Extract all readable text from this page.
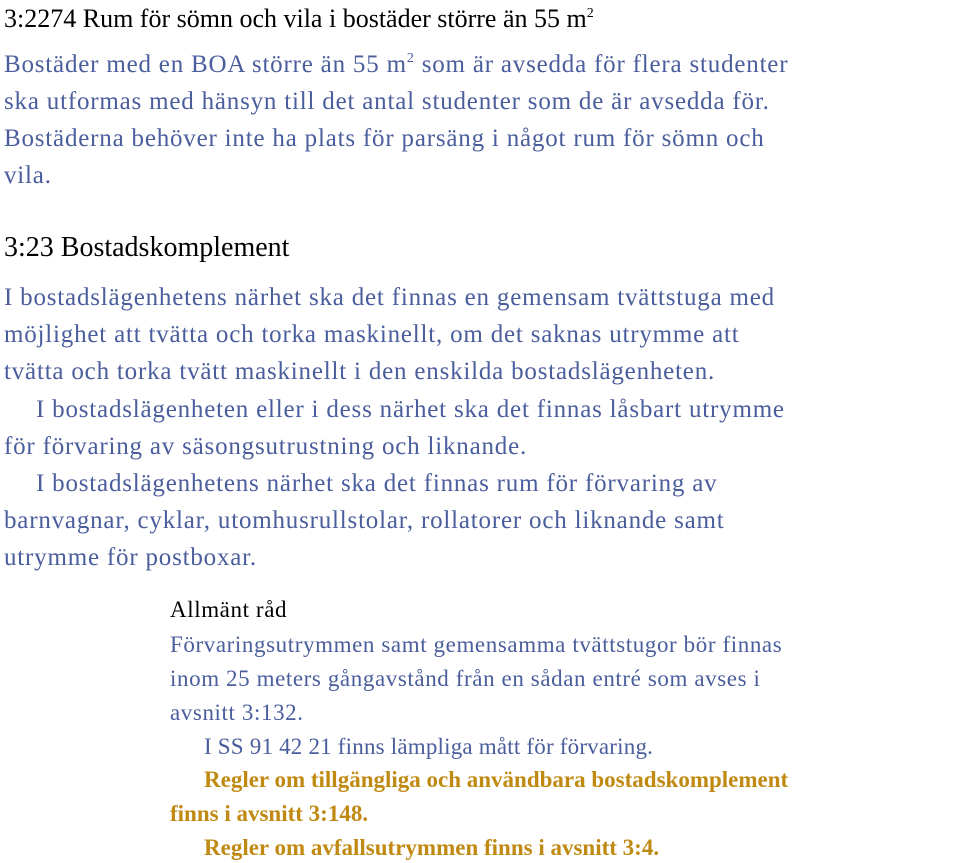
3:2274 Rum för sömn och vila i bostäder större än 55 $m^2$
Bostäder med en BOA större än 55 $m^2$ som är avsedda för flera studenter
ska utformas med hänsyn till det antal studenter som de är avsedda för.
Bostäderna behöver inte ha plats för parsäng i något rum för sömn och
vila.
3:23 Bostadskomplement
I bostadslägenhetens närhet ska det finnas en gemensam tvättstuga med
möjlighet att tvätta och torka maskinellt, om det saknas utrymme att
tvätta och torka tvätt maskinellt i den enskilda bostadslägenheten.
I bostadslägenheten eller i dess närhet ska det finnas låsbart utrymme
för förvaring av säsongsutrustning och liknande.
I bostadslägenhetens närhet ska det finnas rum för förvaring av
barnvagnar, cyklar, utomhusrullstolar, rollatorer och liknande samt
utrymme för postboxar.
Allmänt råd
Förvaringsutrymmen samt gemensamma tvättstugor bör finnas
inom 25 meters gångavstånd från en sådan entré som avses i
avsnitt 3:132.
I SS 91 42 21 finns lämpliga mått för förvaring.
Regler om tillgängliga och användbara bostadskomplement
finns i avsnitt 3:148.
Regler om avfallsutrymmen finns i avsnitt 3:4.
